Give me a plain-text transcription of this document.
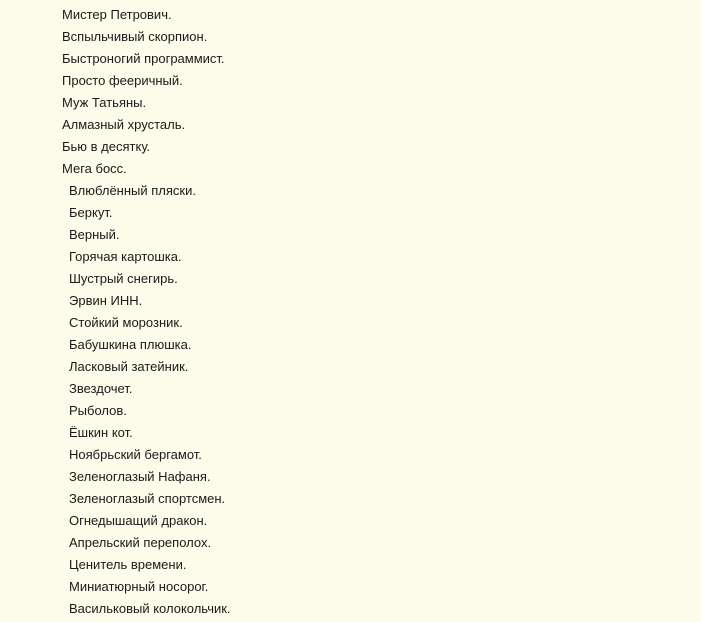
Мистер Петрович.
Вспыльчивый скорпион.
Быстроногий программист.
Просто фееричный.
Муж Татьяны.
Алмазный хрусталь.
Бью в десятку.
Мега босс.
Влюблённый пляски.
Беркут.
Верный.
Горячая картошка.
Шустрый снегирь.
Эрвин ИНН.
Стойкий морозник.
Бабушкина плюшка.
Ласковый затейник.
Звездочет.
Рыболов.
Ёшкин кот.
Ноябрьский бергамот.
Зеленоглазый Нафаня.
Зеленоглазый спортсмен.
Огнедышащий дракон.
Апрельский переполох.
Ценитель времени.
Миниатюрный носорог.
Васильковый колокольчик.
